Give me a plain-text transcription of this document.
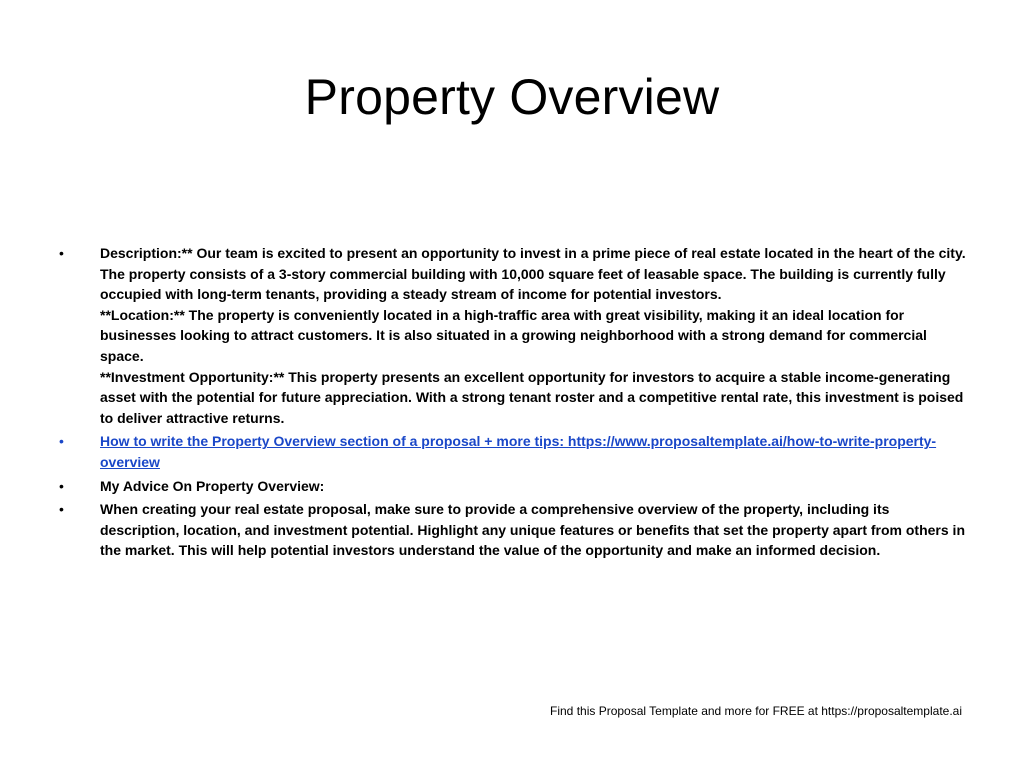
Property Overview
•	Description:** Our team is excited to present an opportunity to invest in a prime piece of real estate located in the heart of the city. The property consists of a 3-story commercial building with 10,000 square feet of leasable space. The building is currently fully occupied with long-term tenants, providing a steady stream of income for potential investors.
**Location:** The property is conveniently located in a high-traffic area with great visibility, making it an ideal location for businesses looking to attract customers. It is also situated in a growing neighborhood with a strong demand for commercial space.
**Investment Opportunity:** This property presents an excellent opportunity for investors to acquire a stable income-generating asset with the potential for future appreciation. With a strong tenant roster and a competitive rental rate, this investment is poised to deliver attractive returns.
•	How to write the Property Overview section of a proposal + more tips: https://www.proposaltemplate.ai/how-to-write-property-overview
•	My Advice On Property Overview:
•	When creating your real estate proposal, make sure to provide a comprehensive overview of the property, including its description, location, and investment potential. Highlight any unique features or benefits that set the property apart from others in the market. This will help potential investors understand the value of the opportunity and make an informed decision.
Find this Proposal Template and more for FREE at https://proposaltemplate.ai
